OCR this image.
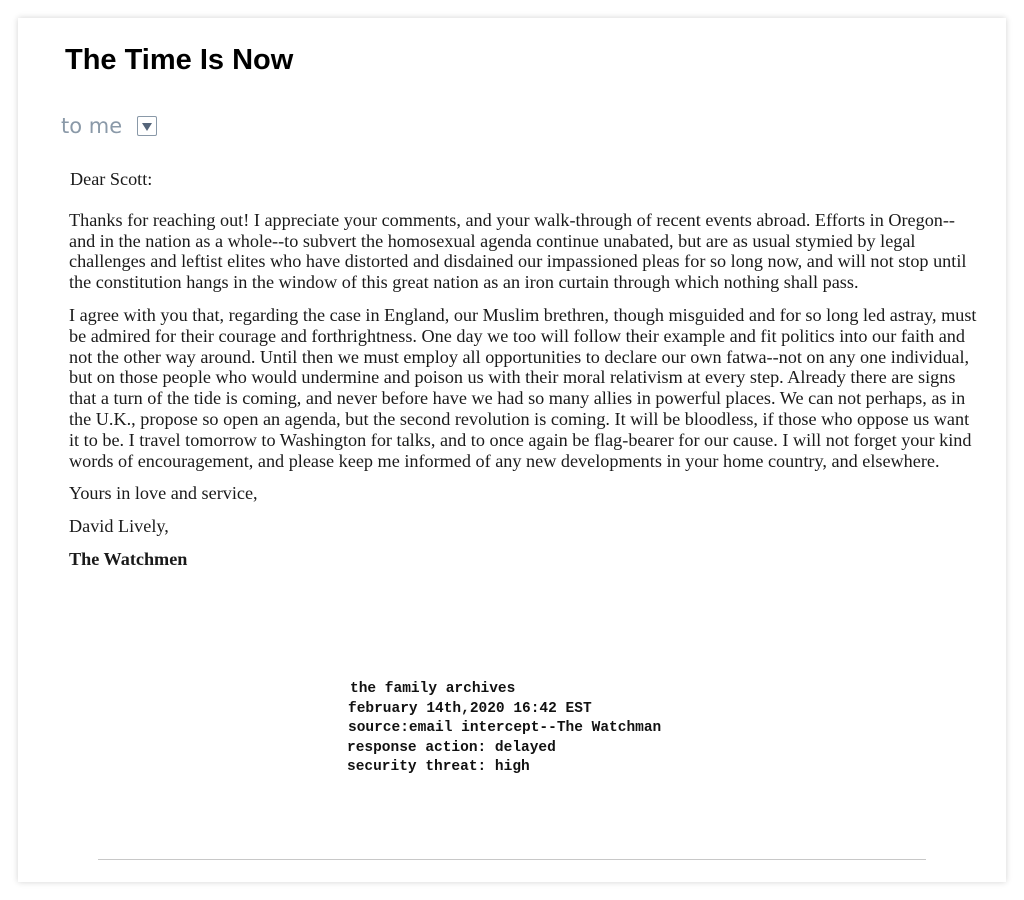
The Time Is Now
to me

Dear Scott:

Thanks for reaching out! I appreciate your comments, and your walk-through of recent events abroad. Efforts in Oregon--and in the nation as a whole--to subvert the homosexual agenda continue unabated, but are as usual stymied by legal challenges and leftist elites who have distorted and disdained our impassioned pleas for so long now, and will not stop until the constitution hangs in the window of this great nation as an iron curtain through which nothing shall pass.

I agree with you that, regarding the case in England, our Muslim brethren, though misguided and for so long led astray, must be admired for their courage and forthrightness. One day we too will follow their example and fit politics into our faith and not the other way around. Until then we must employ all opportunities to declare our own fatwa--not on any one individual, but on those people who would undermine and poison us with their moral relativism at every step. Already there are signs that a turn of the tide is coming, and never before have we had so many allies in powerful places. We can not perhaps, as in the U.K., propose so open an agenda, but the second revolution is coming. It will be bloodless, if those who oppose us want it to be. I travel tomorrow to Washington for talks, and to once again be flag-bearer for our cause. I will not forget your kind words of encouragement, and please keep me informed of any new developments in your home country, and elsewhere.

Yours in love and service,

David Lively,

The Watchmen

the family archives
february 14th,2020 16:42 EST
source:email intercept--The Watchman
response action: delayed
security threat: high
